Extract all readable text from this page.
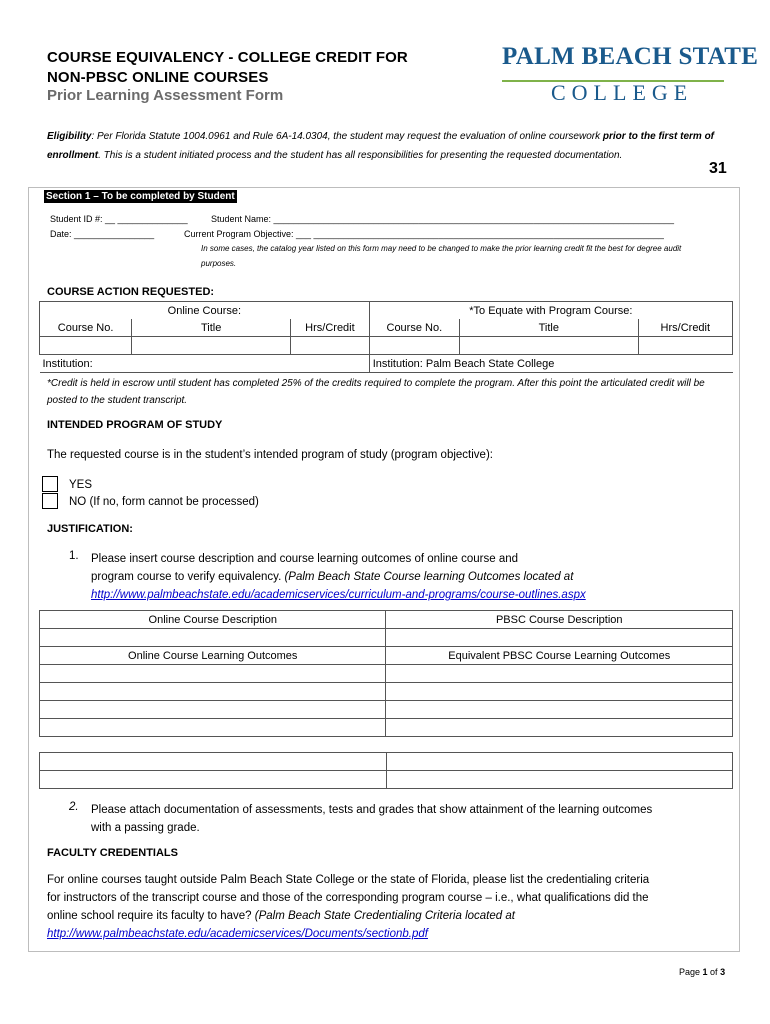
COURSE EQUIVALENCY - COLLEGE CREDIT FOR
NON-PBSC ONLINE COURSES
Prior Learning Assessment Form
PALM BEACH STATE
COLLEGE
Eligibility: Per Florida Statute 1004.0961 and Rule 6A-14.0304, the student may request the evaluation of online coursework prior to the first term of enrollment. This is a student initiated process and the student has all responsibilities for presenting the requested documentation.
31
Section 1 – To be completed by Student
Student ID #: __ ______________	Student Name: ________________________________________________________________________________
Date: ________________	Current Program Objective: ___ ______________________________________________________________________
In some cases, the catalog year listed on this form may need to be changed to make the prior learning credit fit the best for degree audit purposes.
COURSE ACTION REQUESTED:
Online Course:			*To Equate with Program Course:		
Course No.	Title	Hrs/Credit	Course No.	Title	Hrs/Credit

Institution:			Institution: Palm Beach State College		
*Credit is held in escrow until student has completed 25% of the credits required to complete the program. After this point the articulated credit will be posted to the student transcript.
INTENDED PROGRAM OF STUDY
The requested course is in the student’s intended program of study (program objective):
YES
NO (If no, form cannot be processed)
JUSTIFICATION:
1. Please insert course description and course learning outcomes of online course and
program course to verify equivalency. (Palm Beach State Course learning Outcomes located at
http://www.palmbeachstate.edu/academicservices/curriculum-and-programs/course-outlines.aspx
Online Course Description	PBSC Course Description

Online Course Learning Outcomes	Equivalent PBSC Course Learning Outcomes

2. Please attach documentation of assessments, tests and grades that show attainment of the learning outcomes
with a passing grade.
FACULTY CREDENTIALS
For online courses taught outside Palm Beach State College or the state of Florida, please list the credentialing criteria
for instructors of the transcript course and those of the corresponding program course – i.e., what qualifications did the
online school require its faculty to have? (Palm Beach State Credentialing Criteria located at
http://www.palmbeachstate.edu/academicservices/Documents/sectionb.pdf
Page 1 of 3
